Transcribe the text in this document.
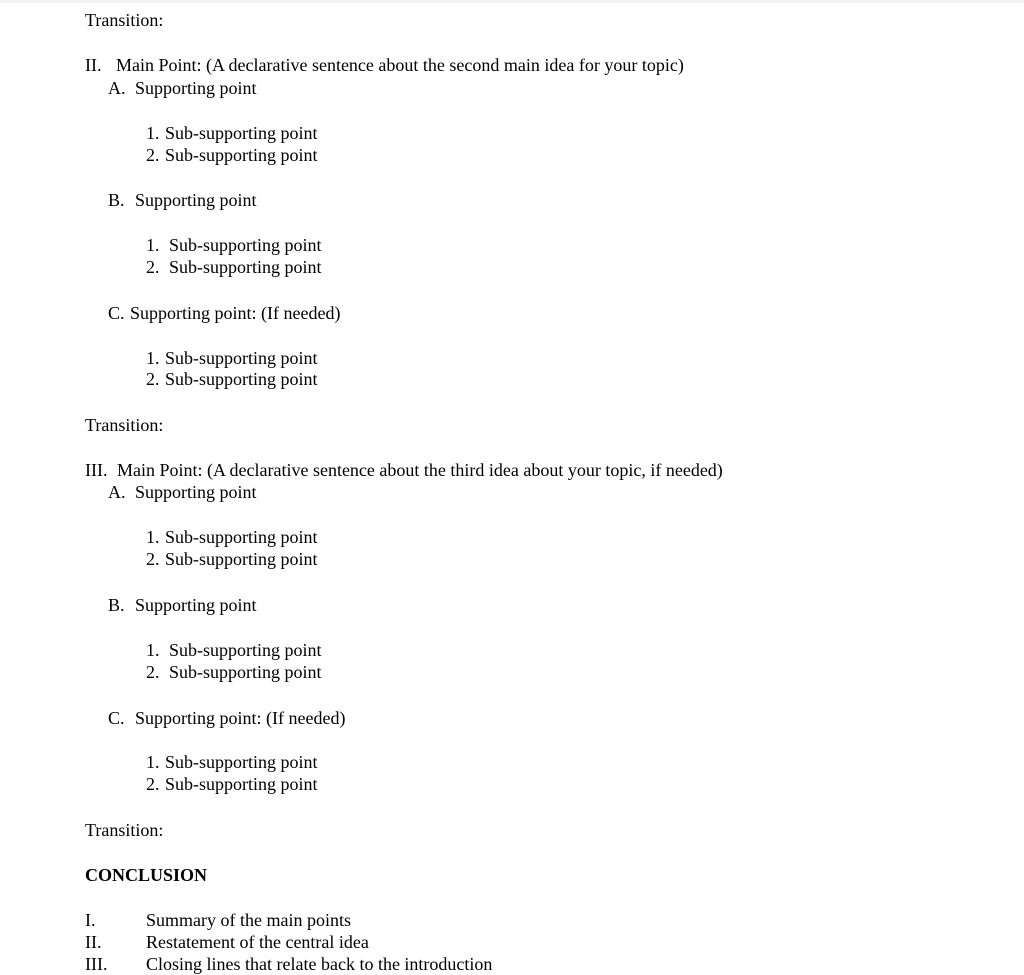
Transition:
II. Main Point: (A declarative sentence about the second main idea for your topic)
A. Supporting point
1. Sub-supporting point
2. Sub-supporting point
B. Supporting point
1. Sub-supporting point
2. Sub-supporting point
C. Supporting point: (If needed)
1. Sub-supporting point
2. Sub-supporting point
Transition:
III. Main Point: (A declarative sentence about the third idea about your topic, if needed)
A. Supporting point
1. Sub-supporting point
2. Sub-supporting point
B. Supporting point
1. Sub-supporting point
2. Sub-supporting point
C. Supporting point: (If needed)
1. Sub-supporting point
2. Sub-supporting point
Transition:
CONCLUSION
I.	Summary of the main points
II. Restatement of the central idea
III. Closing lines that relate back to the introduction
